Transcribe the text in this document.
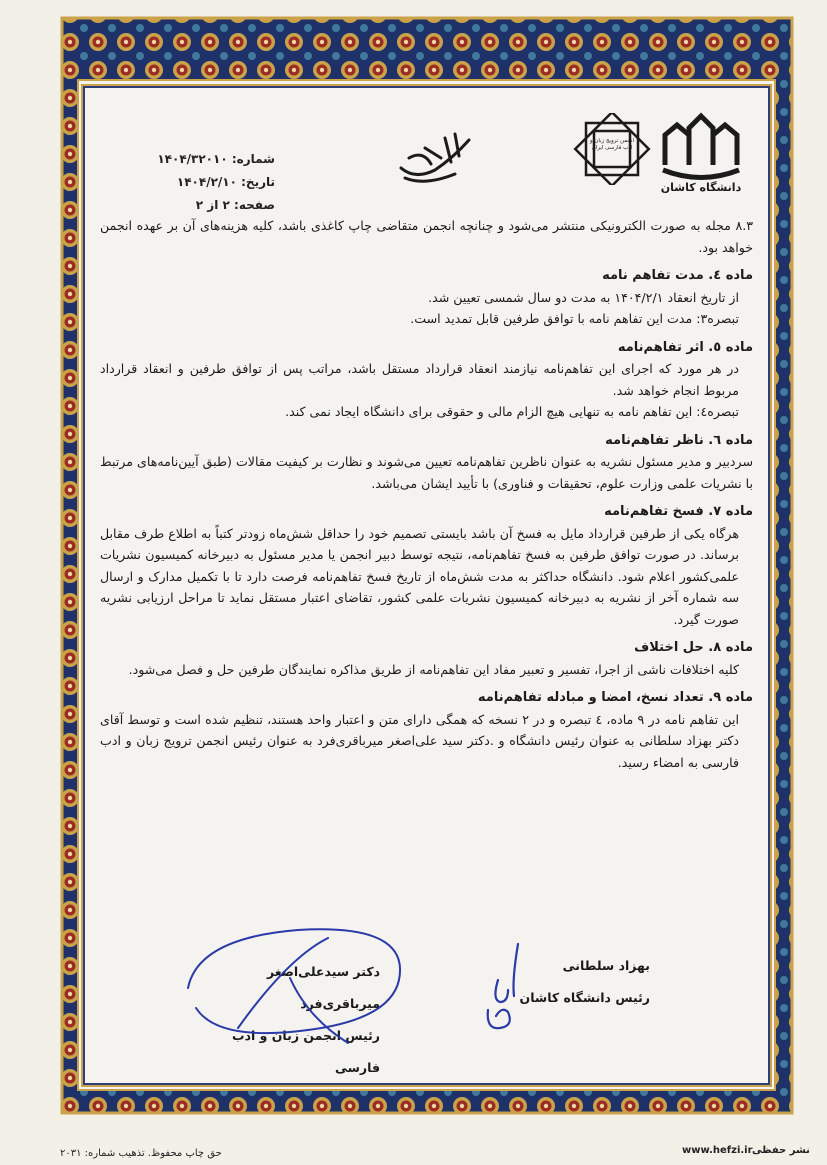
دانشگاه کاشان
انجمن ترویج زبان و ادب فارسی ایران
شماره: ۱۴۰۴/۳۲۰۱۰
تاریخ: ۱۴۰۴/۲/۱۰
صفحه: ۲ از ۲

۸.۳ مجله به صورت الکترونیکی منتشر می‌شود و چنانچه انجمن متقاضی چاپ کاغذی باشد، کلیه هزینه‌های آن بر عهده انجمن خواهد بود.

ماده ٤. مدت تفاهم نامه

از تاریخ انعقاد ۱۴۰۴/۲/۱ به مدت دو سال شمسی تعیین شد.

تبصره۳: مدت این تفاهم نامه با توافق طرفین قابل تمدید است.

ماده ٥. اثر تفاهم‌نامه

در هر مورد که اجرای این تفاهم‌نامه نیازمند انعقاد قرارداد مستقل باشد، مراتب پس از توافق طرفین و انعقاد قرارداد مربوط انجام خواهد شد.

تبصره٤: این تفاهم نامه به تنهایی هیچ الزام مالی و حقوقی برای دانشگاه ایجاد نمی کند.

ماده ٦. ناظر تفاهم‌نامه

سردبیر و مدیر مسئول نشریه به عنوان ناظرین تفاهم‌نامه تعیین می‌شوند و نظارت بر کیفیت مقالات (طبق آیین‌نامه‌های مرتبط با نشریات علمی وزارت علوم، تحقیقات و فناوری) با تأیید ایشان می‌باشد.

ماده ۷. فسخ تفاهم‌نامه

هرگاه یکی از طرفین قرارداد مایل به فسخ آن باشد بایستی تصمیم خود را حداقل شش‌ماه زودتر کتباً به اطلاع طرف مقابل برساند. در صورت توافق طرفین به فسخ تفاهم‌نامه، نتیجه توسط دبیر انجمن یا مدیر مسئول به دبیرخانه کمیسیون نشریات علمی‌کشور اعلام شود. دانشگاه حداکثر به مدت شش‌ماه از تاریخ فسخ تفاهم‌نامه فرصت دارد تا با تکمیل مدارک و ارسال سه شماره آخر از نشریه به دبیرخانه کمیسیون نشریات علمی کشور، تقاضای اعتبار مستقل نماید تا مراحل ارزیابی نشریه صورت گیرد.

ماده ۸. حل اختلاف

کلیه اختلافات ناشی از اجرا، تفسیر و تعبیر مفاد این تفاهم‌نامه از طریق مذاکره نمایندگان طرفین حل و فصل می‌شود.

ماده ۹. تعداد نسخ، امضا و مبادله تفاهم‌نامه

این تفاهم نامه در ۹ ماده، ٤ تبصره و در ۲ نسخه که همگی دارای متن و اعتبار واحد هستند، تنظیم شده است و توسط آقای دکتر بهزاد سلطانی به عنوان رئیس دانشگاه و .دکتر سید علی‌اصغر میرباقری‌فرد به عنوان رئیس انجمن ترویج زبان و ادب فارسی به امضاء رسید.

بهزاد سلطانی
رئیس دانشگاه کاشان
دکتر سیدعلی‌اصغر میرباقری‌فرد
رئیس انجمن زبان و ادب فارسی
حق چاپ محفوظ. تذهیب شماره: ۲۰۳۱	www.hefzi.ir نشر حفظی
